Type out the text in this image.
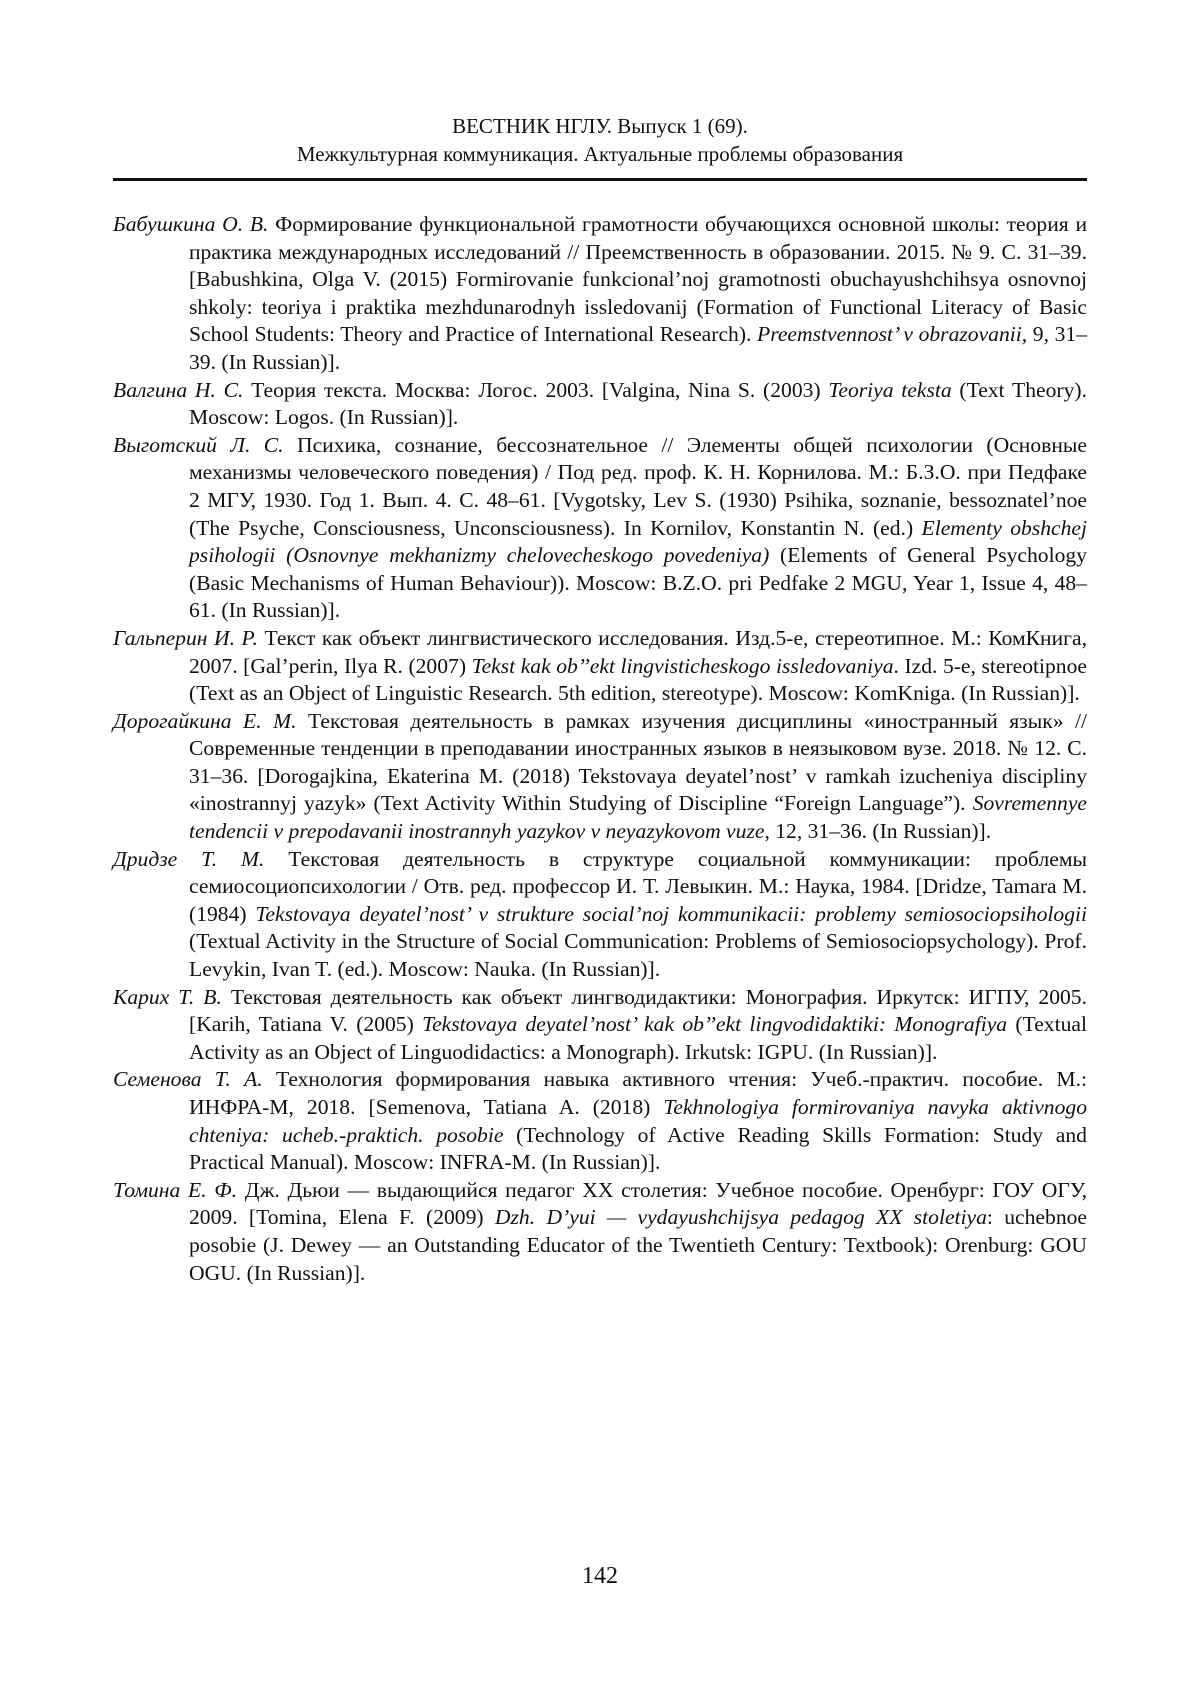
ВЕСТНИК НГЛУ. Выпуск 1 (69).
Межкультурная коммуникация. Актуальные проблемы образования

Бабушкина О. В. Формирование функциональной грамотности обучающихся основной школы: теория и практика международных исследований // Преемственность в образовании. 2015. № 9. С. 31–39. [Babushkina, Olga V. (2015) Formirovanie funkcional’noj gramotnosti obuchayushchihsya osnovnoj shkoly: teoriya i praktika mezhdunarodnyh issledovanij (Formation of Functional Literacy of Basic School Students: Theory and Practice of International Research). Preemstvennost’ v obrazovanii, 9, 31–39. (In Russian)].

Валгина Н. С. Теория текста. Москва: Логос. 2003. [Valgina, Nina S. (2003) Teoriya teksta (Text Theory). Moscow: Logos. (In Russian)].

Выготский Л. С. Психика, сознание, бессознательное // Элементы общей психологии (Основные механизмы человеческого поведения) / Под ред. проф. К. Н. Корнилова. М.: Б.З.О. при Педфаке 2 МГУ, 1930. Год 1. Вып. 4. С. 48–61. [Vygotsky, Lev S. (1930) Psihika, soznanie, bessoznatel’noe (The Psyche, Consciousness, Unconsciousness). In Kornilov, Konstantin N. (ed.) Elementy obshchej psihologii (Osnovnye mekhanizmy chelovecheskogo povedeniya) (Elements of General Psychology (Basic Mechanisms of Human Behaviour)). Moscow: B.Z.O. pri Pedfake 2 MGU, Year 1, Issue 4, 48–61. (In Russian)].

Гальперин И. Р. Текст как объект лингвистического исследования. Изд.5-е, стереотипное. М.: КомКнига, 2007. [Gal’perin, Ilya R. (2007) Tekst kak ob’’ekt lingvisticheskogo issledovaniya. Izd. 5-e, stereotipnoe (Text as an Object of Linguistic Research. 5th edition, stereotype). Moscow: KomKniga. (In Russian)].

Дорогайкина Е. М. Текстовая деятельность в рамках изучения дисциплины «иностранный язык» // Современные тенденции в преподавании иностранных языков в неязыковом вузе. 2018. № 12. С. 31–36. [Dorogajkina, Ekaterina M. (2018) Tekstovaya deyatel’nost’ v ramkah izucheniya discipliny «inostrannyj yazyk» (Text Activity Within Studying of Discipline “Foreign Language”). Sovremennye tendencii v prepodavanii inostrannyh yazykov v neyazykovom vuze, 12, 31–36. (In Russian)].

Дридзе Т. М. Текстовая деятельность в структуре социальной коммуникации: проблемы семиосоциопсихологии / Отв. ред. профессор И. Т. Левыкин. М.: Наука, 1984. [Dridze, Tamara M. (1984) Tekstovaya deyatel’nost’ v strukture social’noj kommunikacii: problemy semiosociopsihologii (Textual Activity in the Structure of Social Communication: Problems of Semiosociopsychology). Prof. Levykin, Ivan T. (ed.). Moscow: Nauka. (In Russian)].

Карих Т. В. Текстовая деятельность как объект лингводидактики: Монография. Иркутск: ИГПУ, 2005. [Karih, Tatiana V. (2005) Tekstovaya deyatel’nost’ kak ob’’ekt lingvodidaktiki: Monografiya (Textual Activity as an Object of Linguodidactics: a Monograph). Irkutsk: IGPU. (In Russian)].

Семенова Т. А. Технология формирования навыка активного чтения: Учеб.-практич. пособие. М.: ИНФРА-М, 2018. [Semenova, Tatiana A. (2018) Tekhnologiya formirovaniya navyka aktivnogo chteniya: ucheb.-praktich. posobie (Technology of Active Reading Skills Formation: Study and Practical Manual). Moscow: INFRA-M. (In Russian)].

Томина Е. Ф. Дж. Дьюи — выдающийся педагог ХХ столетия: Учебное пособие. Оренбург: ГОУ ОГУ, 2009. [Tomina, Elena F. (2009) Dzh. D’yui — vydayushchijsya pedagog XX stoletiya: uchebnoe posobie (J. Dewey — an Outstanding Educator of the Twentieth Century: Textbook): Orenburg: GOU OGU. (In Russian)].

142
